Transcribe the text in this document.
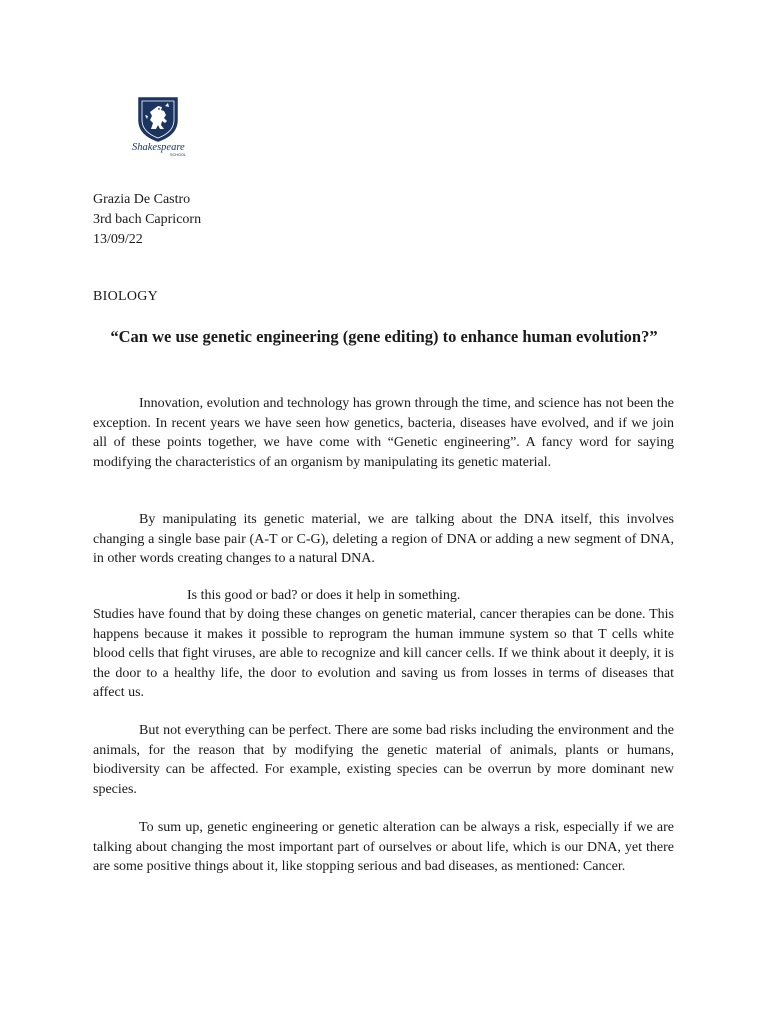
Shakespeare
SCHOOL
Grazia De Castro
3rd bach Capricorn
13/09/22
BIOLOGY
“Can we use genetic engineering (gene editing) to enhance human evolution?”

Innovation, evolution and technology has grown through the time, and science has not been the exception. In recent years we have seen how genetics, bacteria, diseases have evolved, and if we join all of these points together, we have come with “Genetic engineering”. A fancy word for saying modifying the characteristics of an organism by manipulating its genetic material.

By manipulating its genetic material, we are talking about the DNA itself, this involves changing a single base pair (A-T or C-G), deleting a region of DNA or adding a new segment of DNA, in other words creating changes to a natural DNA.

Is this good or bad? or does it help in something.

Studies have found that by doing these changes on genetic material, cancer therapies can be done. This happens because it makes it possible to reprogram the human immune system so that T cells white blood cells that fight viruses, are able to recognize and kill cancer cells. If we think about it deeply, it is the door to a healthy life, the door to evolution and saving us from losses in terms of diseases that affect us.

But not everything can be perfect. There are some bad risks including the environment and the animals, for the reason that by modifying the genetic material of animals, plants or humans, biodiversity can be affected. For example, existing species can be overrun by more dominant new species.

To sum up, genetic engineering or genetic alteration can be always a risk, especially if we are talking about changing the most important part of ourselves or about life, which is our DNA, yet there are some positive things about it, like stopping serious and bad diseases, as mentioned: Cancer.
